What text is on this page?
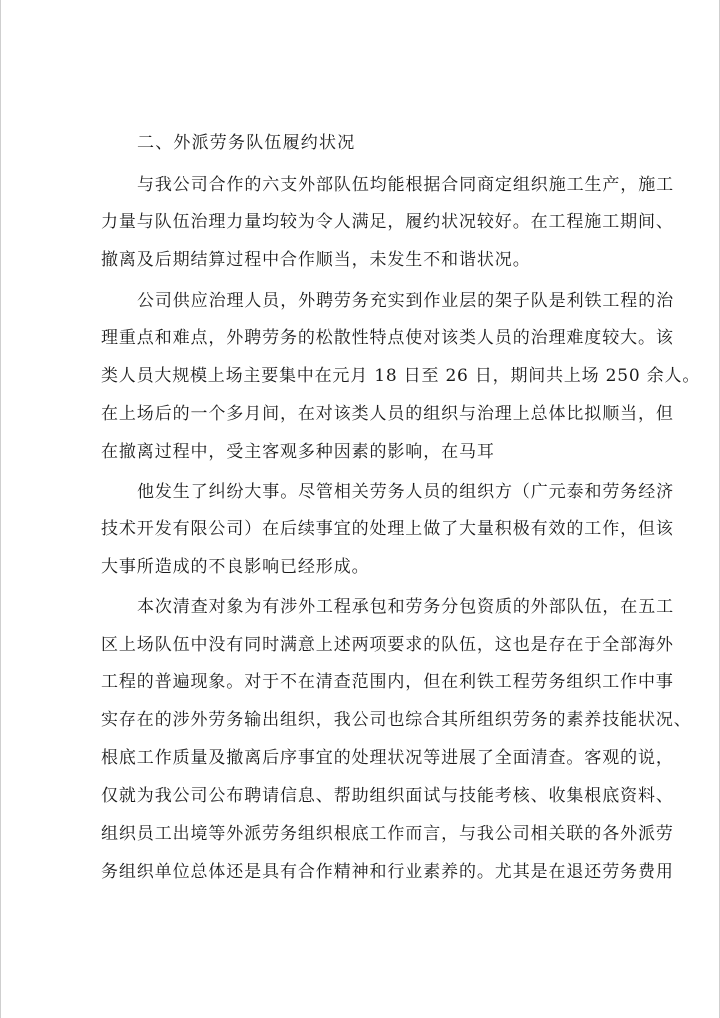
二、外派劳务队伍履约状况
与我公司合作的六支外部队伍均能根据合同商定组织施工生产，施工
力量与队伍治理力量均较为令人满足，履约状况较好。在工程施工期间、
撤离及后期结算过程中合作顺当，未发生不和谐状况。
公司供应治理人员，外聘劳务充实到作业层的架子队是利铁工程的治
理重点和难点，外聘劳务的松散性特点使对该类人员的治理难度较大。该
类人员大规模上场主要集中在元月 18 日至 26 日，期间共上场 250 余人。
在上场后的一个多月间，在对该类人员的组织与治理上总体比拟顺当，但
在撤离过程中，受主客观多种因素的影响，在马耳
他发生了纠纷大事。尽管相关劳务人员的组织方（广元泰和劳务经济
技术开发有限公司）在后续事宜的处理上做了大量积极有效的工作，但该
大事所造成的不良影响已经形成。
本次清查对象为有涉外工程承包和劳务分包资质的外部队伍，在五工
区上场队伍中没有同时满意上述两项要求的队伍，这也是存在于全部海外
工程的普遍现象。对于不在清查范围内，但在利铁工程劳务组织工作中事
实存在的涉外劳务输出组织，我公司也综合其所组织劳务的素养技能状况、
根底工作质量及撤离后序事宜的处理状况等进展了全面清查。客观的说，
仅就为我公司公布聘请信息、帮助组织面试与技能考核、收集根底资料、
组织员工出境等外派劳务组织根底工作而言，与我公司相关联的各外派劳
务组织单位总体还是具有合作精神和行业素养的。尤其是在退还劳务费用
